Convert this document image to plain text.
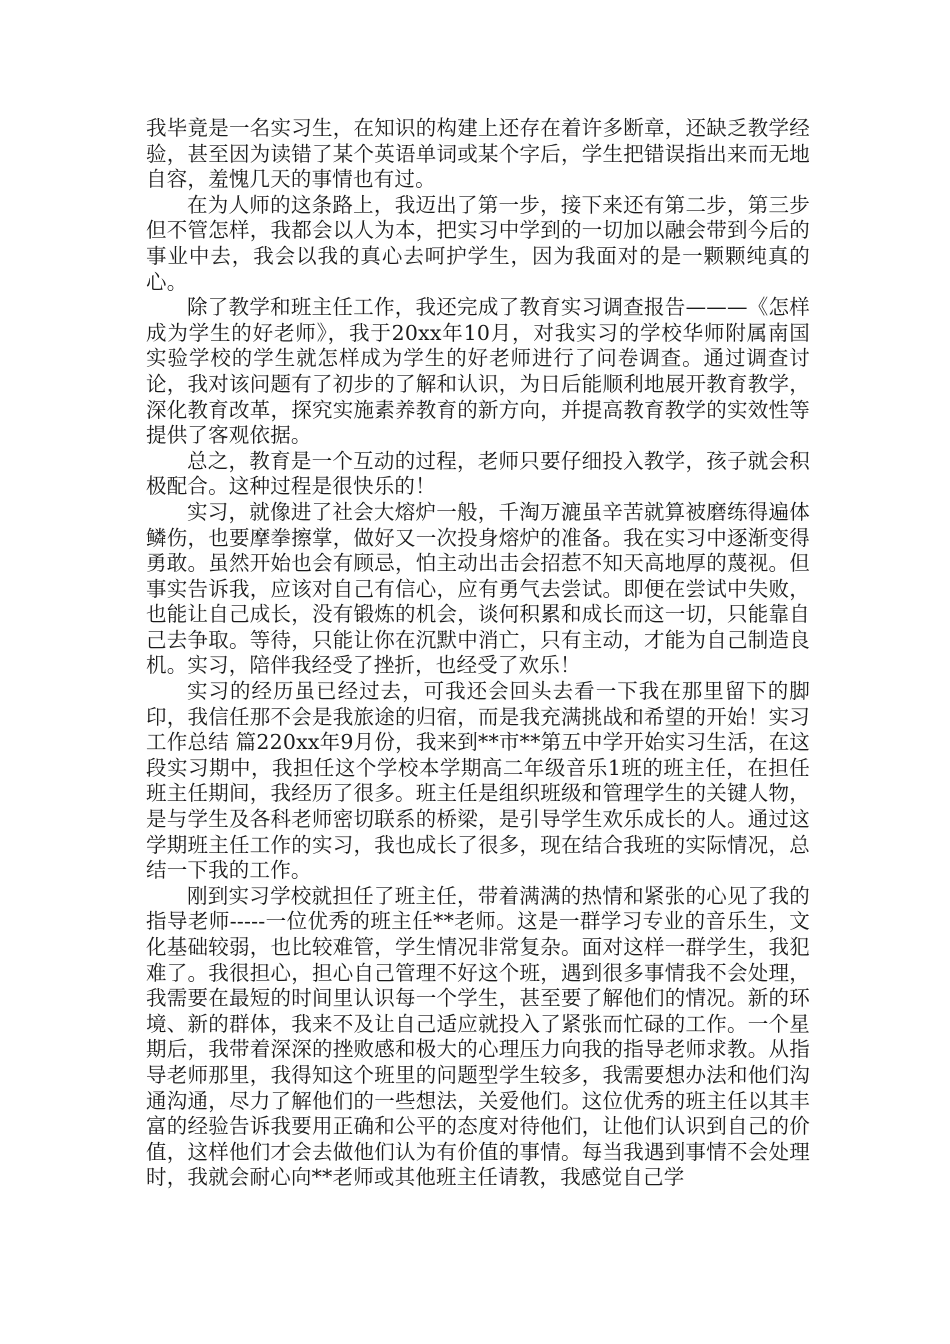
我毕竟是一名实习生，在知识的构建上还存在着许多断章，还缺乏教学经验，甚至因为读错了某个英语单词或某个字后，学生把错误指出来而无地自容，羞愧几天的事情也有过。

在为人师的这条路上，我迈出了第一步，接下来还有第二步，第三步但不管怎样，我都会以人为本，把实习中学到的一切加以融会带到今后的事业中去，我会以我的真心去呵护学生，因为我面对的是一颗颗纯真的心。

除了教学和班主任工作，我还完成了教育实习调查报告———《怎样成为学生的好老师》，我于20xx年10月，对我实习的学校华师附属南国实验学校的学生就怎样成为学生的好老师进行了问卷调查。通过调查讨论，我对该问题有了初步的了解和认识，为日后能顺利地展开教育教学，深化教育改革，探究实施素养教育的新方向，并提高教育教学的实效性等提供了客观依据。

总之，教育是一个互动的过程，老师只要仔细投入教学，孩子就会积极配合。这种过程是很快乐的！

实习，就像进了社会大熔炉一般，千淘万漉虽辛苦就算被磨练得遍体鳞伤，也要摩拳擦掌，做好又一次投身熔炉的准备。我在实习中逐渐变得勇敢。虽然开始也会有顾忌，怕主动出击会招惹不知天高地厚的蔑视。但事实告诉我，应该对自己有信心，应有勇气去尝试。即便在尝试中失败，也能让自己成长，没有锻炼的机会，谈何积累和成长而这一切，只能靠自己去争取。等待，只能让你在沉默中消亡，只有主动，才能为自己制造良机。实习，陪伴我经受了挫折，也经受了欢乐！

实习的经历虽已经过去，可我还会回头去看一下我在那里留下的脚印，我信任那不会是我旅途的归宿，而是我充满挑战和希望的开始！实习工作总结 篇220xx年9月份，我来到**市**第五中学开始实习生活，在这段实习期中，我担任这个学校本学期高二年级音乐1班的班主任，在担任班主任期间，我经历了很多。班主任是组织班级和管理学生的关键人物，是与学生及各科老师密切联系的桥梁，是引导学生欢乐成长的人。通过这学期班主任工作的实习，我也成长了很多，现在结合我班的实际情况，总结一下我的工作。

刚到实习学校就担任了班主任，带着满满的热情和紧张的心见了我的指导老师-----一位优秀的班主任**老师。这是一群学习专业的音乐生，文化基础较弱，也比较难管，学生情况非常复杂。面对这样一群学生，我犯难了。我很担心，担心自己管理不好这个班，遇到很多事情我不会处理，我需要在最短的时间里认识每一个学生，甚至要了解他们的情况。新的环境、新的群体，我来不及让自己适应就投入了紧张而忙碌的工作。一个星期后，我带着深深的挫败感和极大的心理压力向我的指导老师求教。从指导老师那里，我得知这个班里的问题型学生较多，我需要想办法和他们沟通沟通，尽力了解他们的一些想法，关爱他们。这位优秀的班主任以其丰富的经验告诉我要用正确和公平的态度对待他们，让他们认识到自己的价值，这样他们才会去做他们认为有价值的事情。每当我遇到事情不会处理时，我就会耐心向**老师或其他班主任请教，我感觉自己学
